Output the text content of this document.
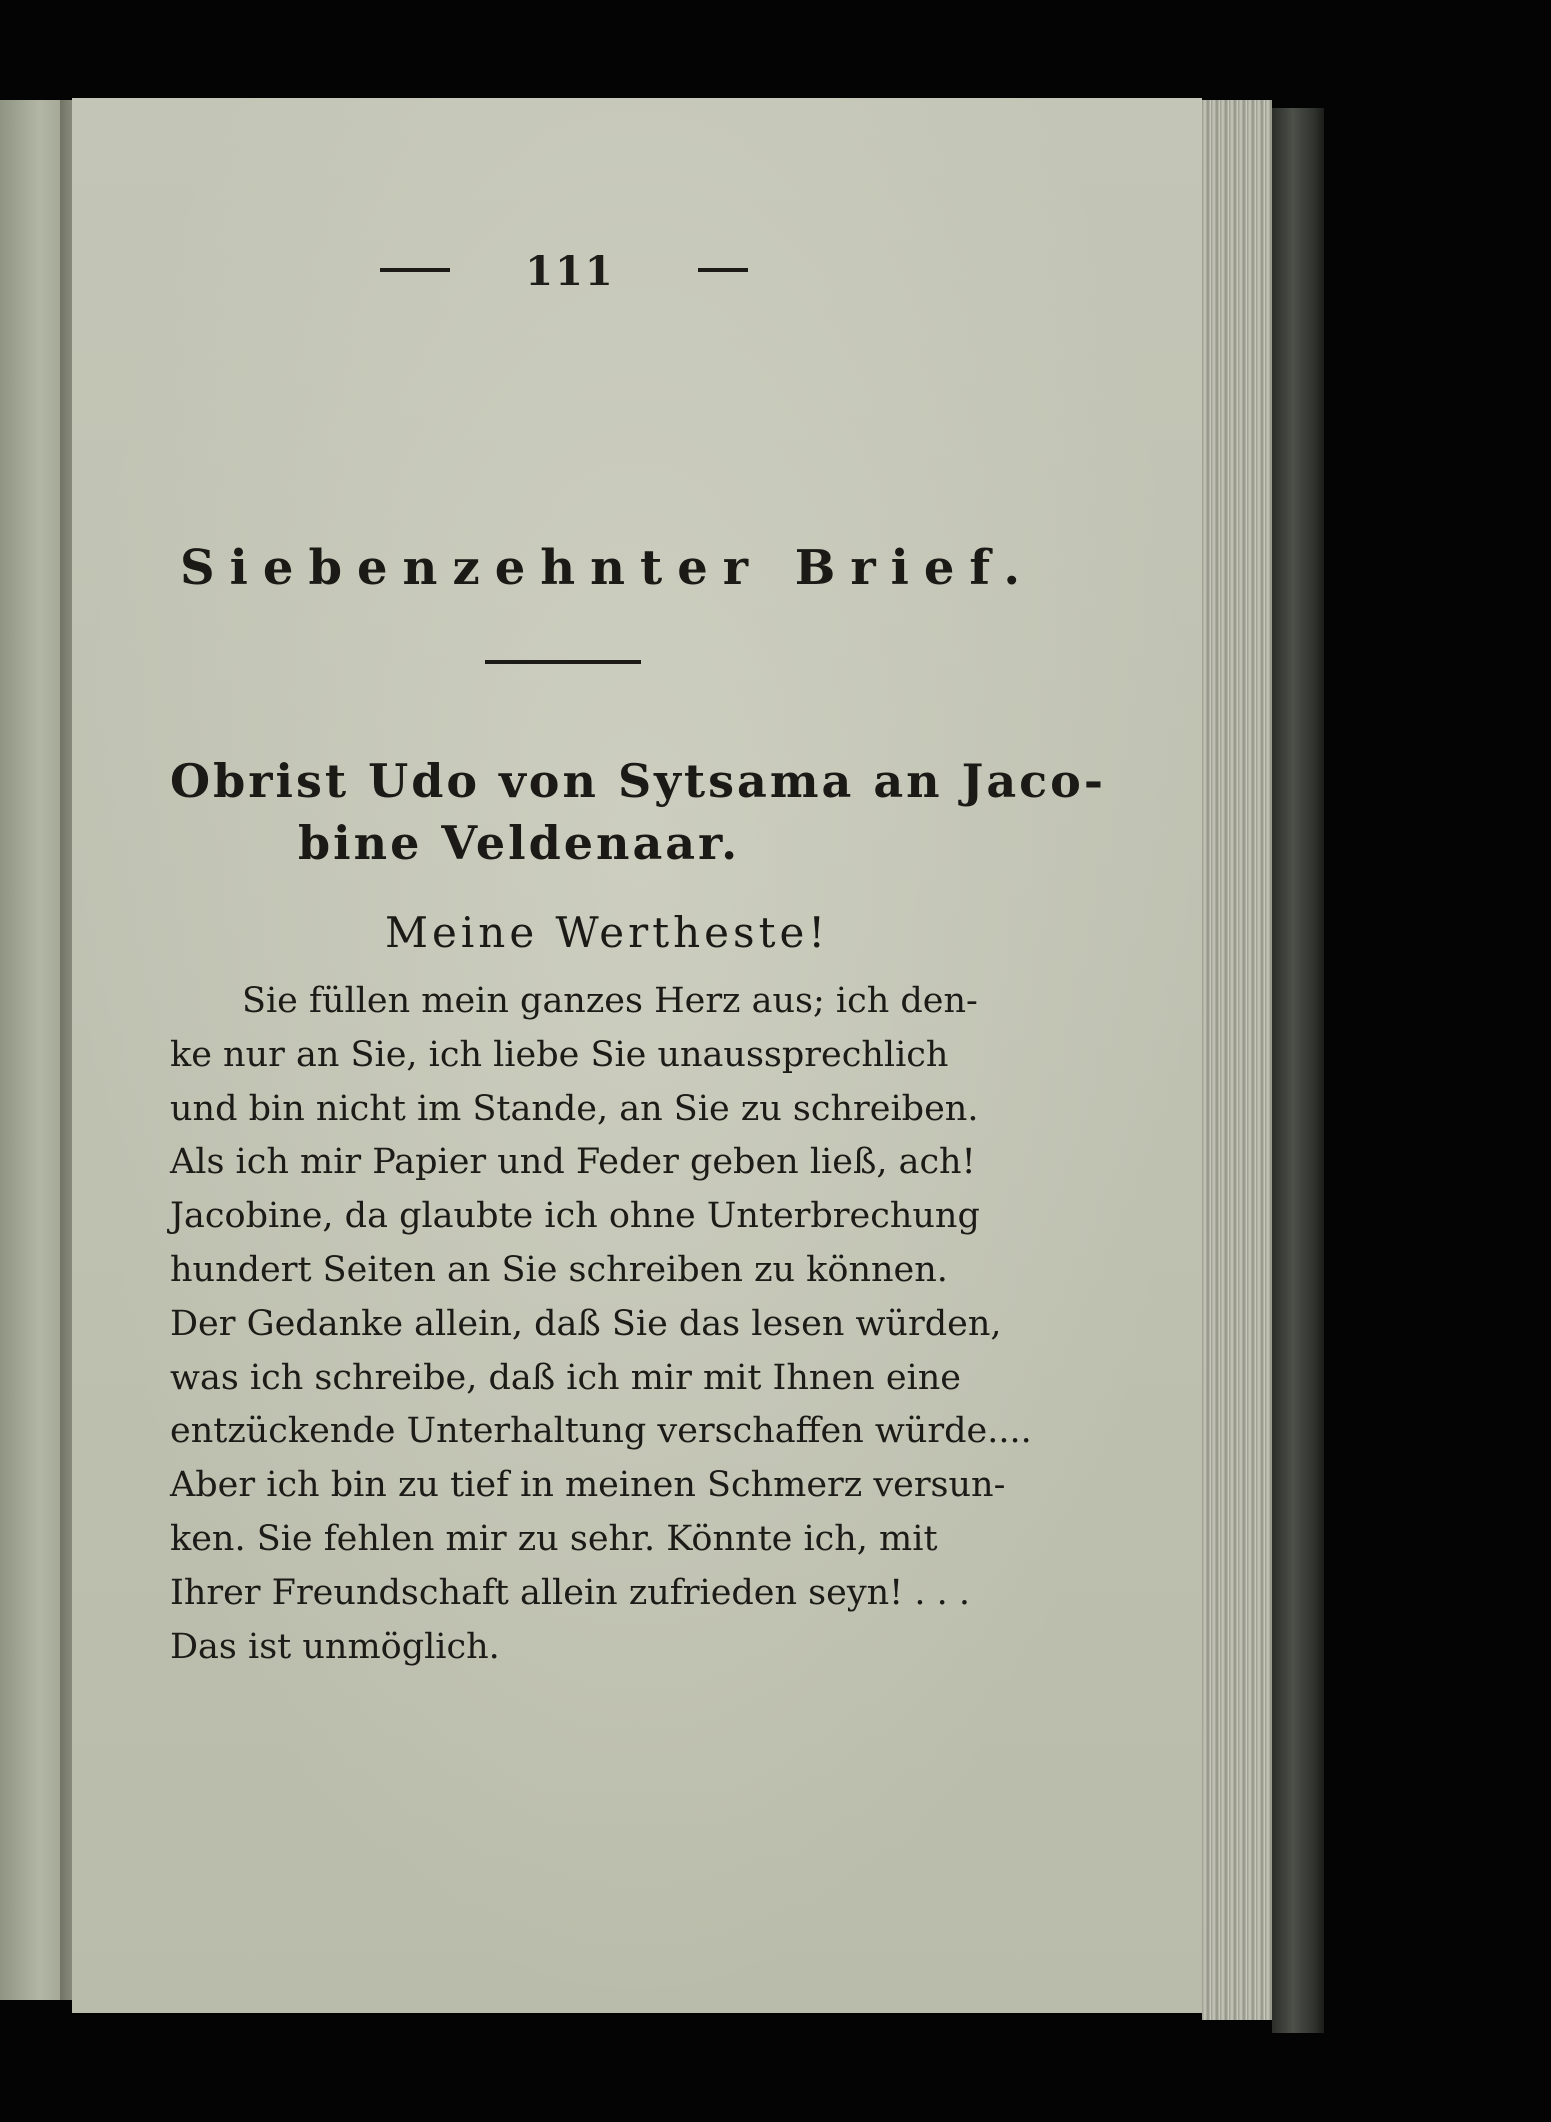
111
Siebenzehnter Brief.
Obrist Udo von Sytsama an Jaco-
bine Veldenaar.
Meine Wertheste!
Sie füllen mein ganzes Herz aus; ich den-
ke nur an Sie, ich liebe Sie unaussprechlich
und bin nicht im Stande, an Sie zu schreiben.
Als ich mir Papier und Feder geben ließ, ach!
Jacobine, da glaubte ich ohne Unterbrechung
hundert Seiten an Sie schreiben zu können.
Der Gedanke allein, daß Sie das lesen würden,
was ich schreibe, daß ich mir mit Ihnen eine
entzückende Unterhaltung verschaffen würde....
Aber ich bin zu tief in meinen Schmerz versun-
ken. Sie fehlen mir zu sehr. Könnte ich, mit
Ihrer Freundschaft allein zufrieden seyn! . . .
Das ist unmöglich.
